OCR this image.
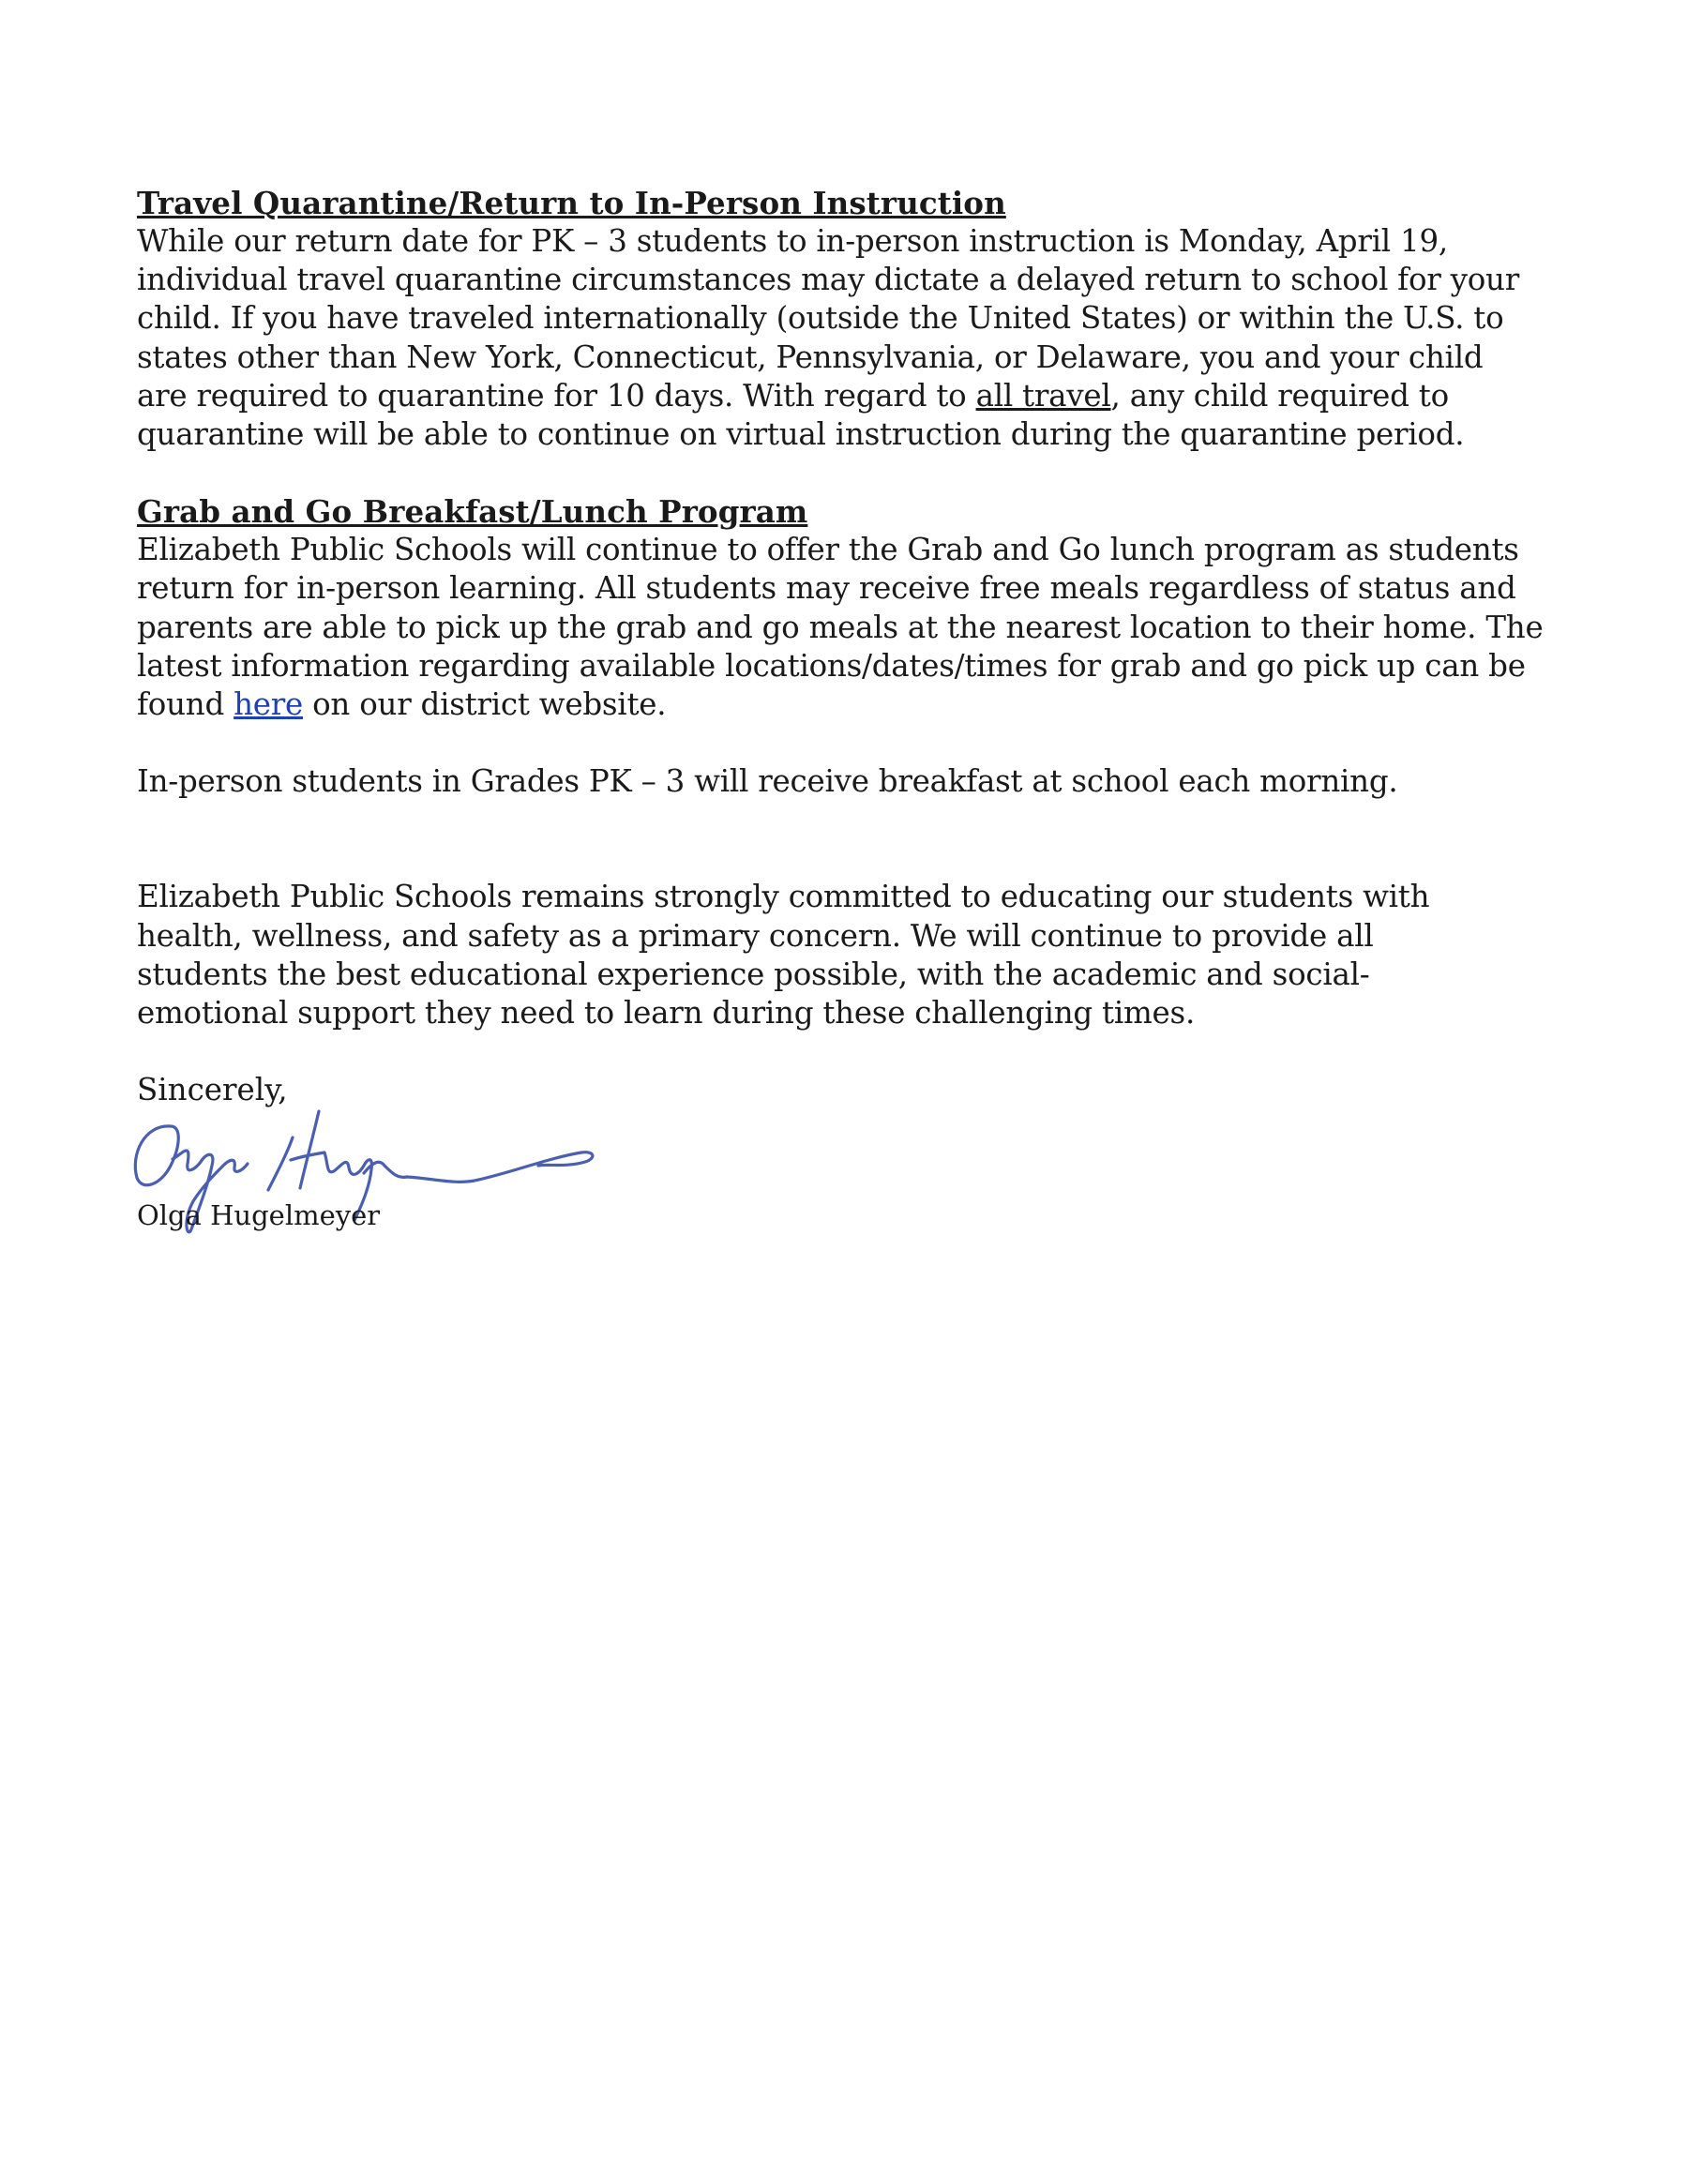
Travel Quarantine/Return to In-Person Instruction

While our return date for PK – 3 students to in-person instruction is Monday, April 19,
individual travel quarantine circumstances may dictate a delayed return to school for your
child. If you have traveled internationally (outside the United States) or within the U.S. to
states other than New York, Connecticut, Pennsylvania, or Delaware, you and your child
are required to quarantine for 10 days. With regard to all travel, any child required to
quarantine will be able to continue on virtual instruction during the quarantine period.

Grab and Go Breakfast/Lunch Program

Elizabeth Public Schools will continue to offer the Grab and Go lunch program as students
return for in-person learning. All students may receive free meals regardless of status and
parents are able to pick up the grab and go meals at the nearest location to their home. The
latest information regarding available locations/dates/times for grab and go pick up can be
found here on our district website.

In-person students in Grades PK – 3 will receive breakfast at school each morning.

Elizabeth Public Schools remains strongly committed to educating our students with
health, wellness, and safety as a primary concern. We will continue to provide all
students the best educational experience possible, with the academic and social-
emotional support they need to learn during these challenging times.

Sincerely,
Olga Hugelmeyer
